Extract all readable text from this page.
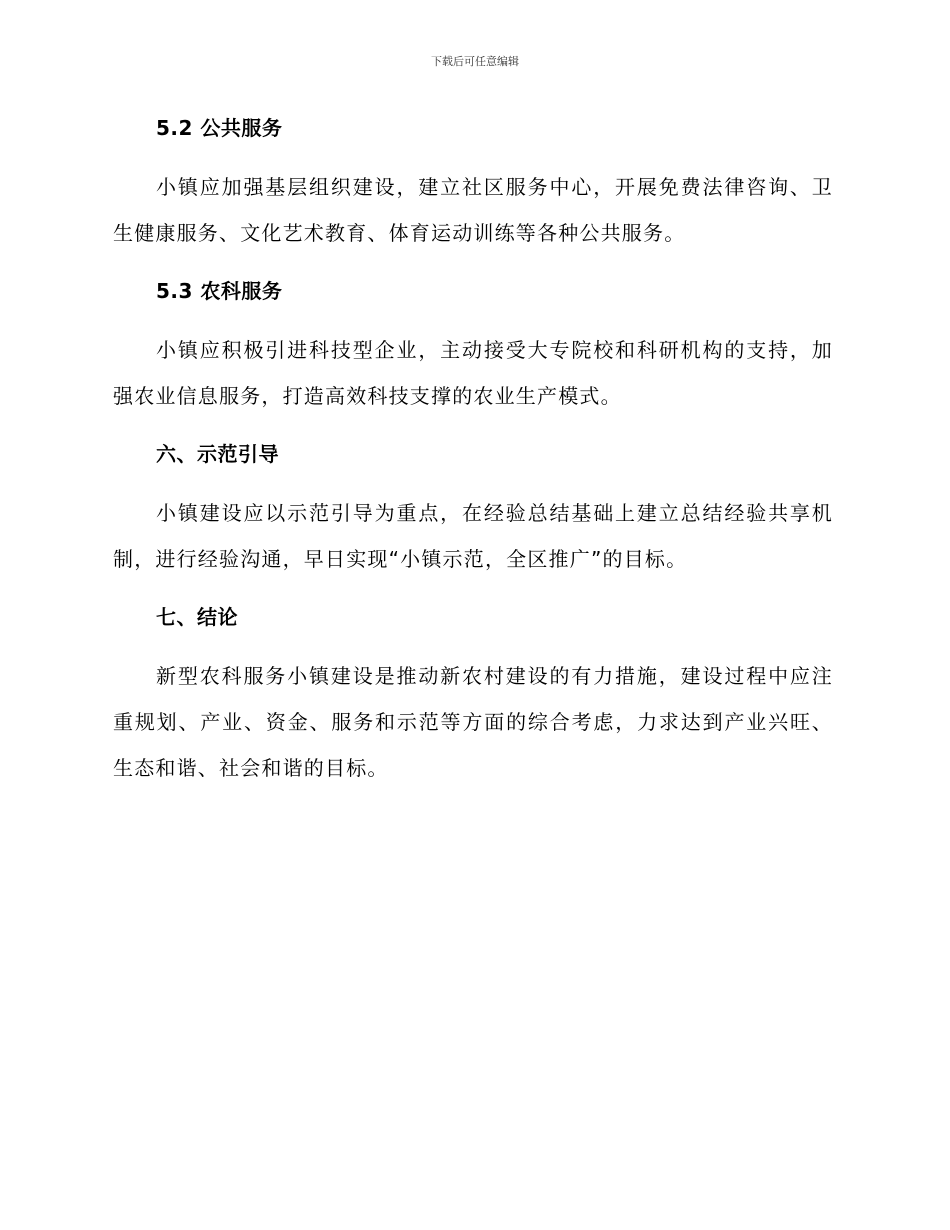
下载后可任意编辑
5.2 公共服务

小镇应加强基层组织建设，建立社区服务中心，开展免费法律咨询、卫生健康服务、文化艺术教育、体育运动训练等各种公共服务。

5.3 农科服务

小镇应积极引进科技型企业，主动接受大专院校和科研机构的支持，加强农业信息服务，打造高效科技支撑的农业生产模式。

六、示范引导

小镇建设应以示范引导为重点，在经验总结基础上建立总结经验共享机制，进行经验沟通，早日实现“小镇示范，全区推广”的目标。

七、结论

新型农科服务小镇建设是推动新农村建设的有力措施，建设过程中应注重规划、产业、资金、服务和示范等方面的综合考虑，力求达到产业兴旺、生态和谐、社会和谐的目标。
